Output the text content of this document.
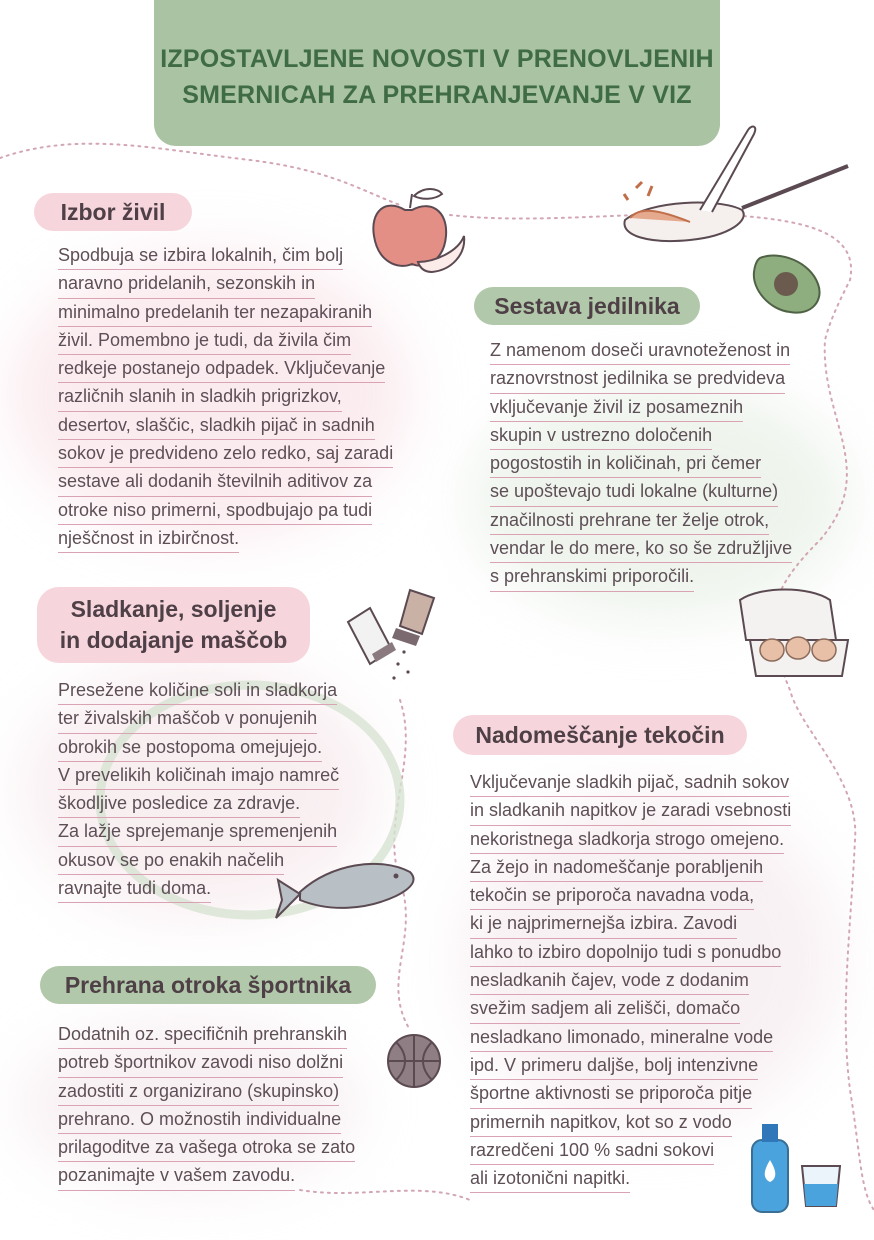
IZPOSTAVLJENE NOVOSTI V PRENOVLJENIH
SMERNICAH ZA PREHRANJEVANJE V VIZ
Izbor živil
Spodbuja se izbira lokalnih, čim bolj
naravno pridelanih, sezonskih in
minimalno predelanih ter nezapakiranih
živil. Pomembno je tudi, da živila čim
redkeje postanejo odpadek. Vključevanje
različnih slanih in sladkih prigrizkov,
desertov, slaščic, sladkih pijač in sadnih
sokov je predvideno zelo redko, saj zaradi
sestave ali dodanih številnih aditivov za
otroke niso primerni, spodbujajo pa tudi
nješčnost in izbirčnost.
Sestava jedilnika
Z namenom doseči uravnoteženost in
raznovrstnost jedilnika se predvideva
vključevanje živil iz posameznih
skupin v ustrezno določenih
pogostostih in količinah, pri čemer
se upoštevajo tudi lokalne (kulturne)
značilnosti prehrane ter želje otrok,
vendar le do mere, ko so še združljive
s prehranskimi priporočili.
Sladkanje, soljenje
in dodajanje maščob
Presežene količine soli in sladkorja
ter živalskih maščob v ponujenih
obrokih se postopoma omejujejo.
V prevelikih količinah imajo namreč
škodljive posledice za zdravje.
Za lažje sprejemanje spremenjenih
okusov se po enakih načelih
ravnajte tudi doma.
Nadomeščanje tekočin
Vključevanje sladkih pijač, sadnih sokov
in sladkanih napitkov je zaradi vsebnosti
nekoristnega sladkorja strogo omejeno.
Za žejo in nadomeščanje porabljenih
tekočin se priporoča navadna voda,
ki je najprimernejša izbira. Zavodi
lahko to izbiro dopolnijo tudi s ponudbo
nesladkanih čajev, vode z dodanim
svežim sadjem ali zelišči, domačo
nesladkano limonado, mineralne vode
ipd. V primeru daljše, bolj intenzivne
športne aktivnosti se priporoča pitje
primernih napitkov, kot so z vodo
razredčeni 100 % sadni sokovi
ali izotonični napitki.
Prehrana otroka športnika
Dodatnih oz. specifičnih prehranskih
potreb športnikov zavodi niso dolžni
zadostiti z organizirano (skupinsko)
prehrano. O možnostih individualne
prilagoditve za vašega otroka se zato
pozanimajte v vašem zavodu.
